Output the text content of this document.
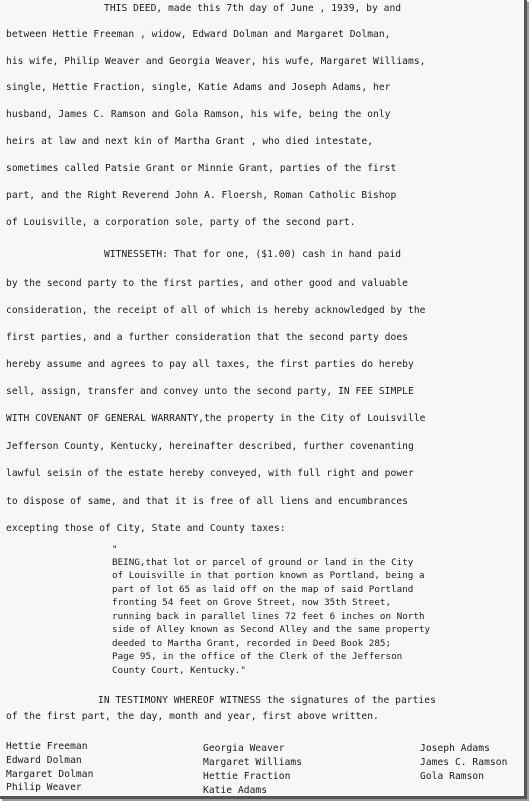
THIS DEED, made this 7th day of June , 1939, by and
between Hettie Freeman , widow, Edward Dolman and Margaret Dolman,
his wife, Philip Weaver and Georgia Weaver, his wufe, Margaret Williams,
single, Hettie Fraction, single, Katie Adams and Joseph Adams, her
husband, James C. Ramson and Gola Ramson, his wife, being the only
heirs at law and next kin of Martha Grant , who died intestate,
sometimes called Patsie Grant or Minnie Grant, parties of the first
part, and the Right Reverend John A. Floersh, Roman Catholic Bishop
of Louisville, a corporation sole, party of the second part.
WITNESSETH: That for one, ($1.00) cash in hand paid
by the second party to the first parties, and other good and valuable
consideration, the receipt of all of which is hereby acknowledged by the
first parties, and a further consideration that the second party does
hereby assume and agrees to pay all taxes, the first parties do hereby
sell, assign, transfer and convey unto the second party, IN FEE SIMPLE
WITH COVENANT OF GENERAL WARRANTY,the property in the City of Louisville
Jefferson County, Kentucky, hereinafter described, further covenanting
lawful seisin of the estate hereby conveyed, with full right and power
to dispose of same, and that it is free of all liens and encumbrances
excepting those of City, State and County taxes:
"
BEING,that lot or parcel of ground or land in the City
of Louisville in that portion known as Portland, being a
part of lot 65 as laid off on the map of said Portland
fronting 54 feet on Grove Street, now 35th Street,
running back in parallel lines 72 feet 6 inches on North
side of Alley known as Second Alley and the same property
deeded to Martha Grant, recorded in Deed Book 285;
Page 95, in the office of the Clerk of the Jefferson
County Court, Kentucky."
IN TESTIMONY WHEREOF WITNESS the signatures of the parties
of the first part, the day, month and year, first above written.
Hettie Freeman
Edward Dolman
Margaret Dolman
Philip Weaver
Georgia Weaver
Margaret Williams
Hettie Fraction
Katie Adams
Joseph Adams
James C. Ramson
Gola Ramson
